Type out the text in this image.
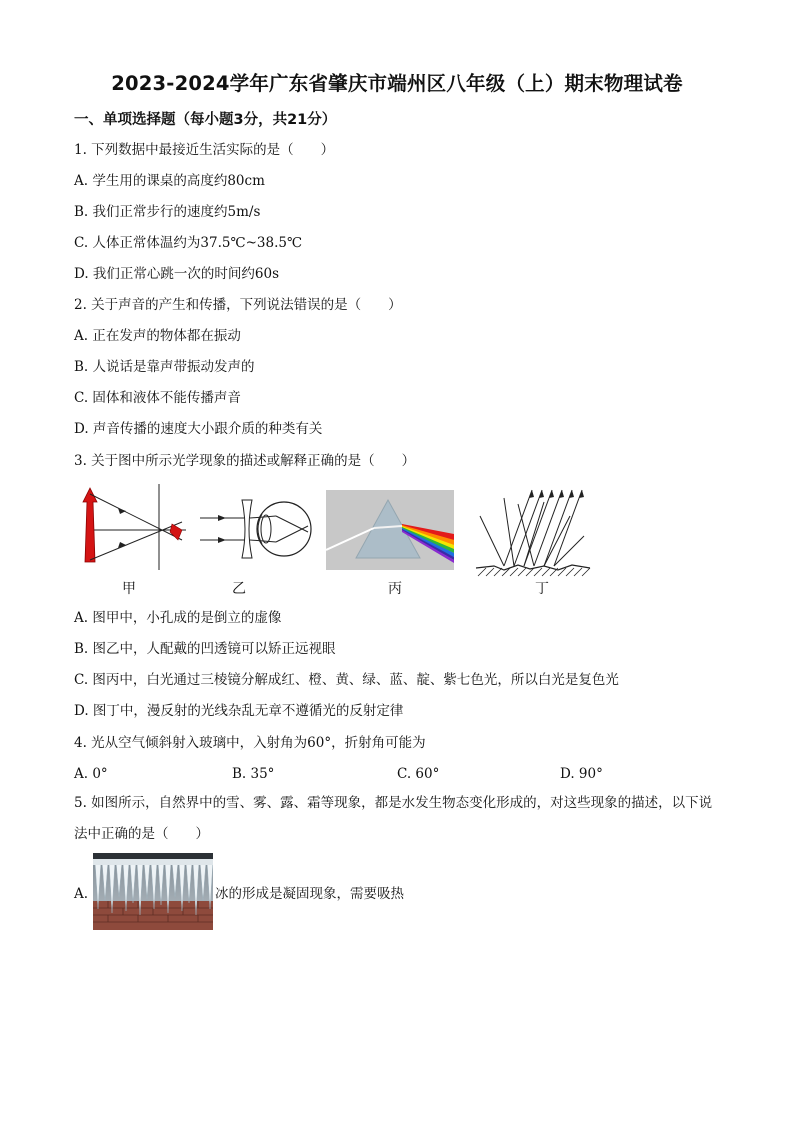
2023-2024学年广东省肇庆市端州区八年级（上）期末物理试卷
一、单项选择题（每小题3分，共21分）
1. 下列数据中最接近生活实际的是（　　）
A. 学生用的课桌的高度约80cm
B. 我们正常步行的速度约5m/s
C. 人体正常体温约为37.5℃~38.5℃
D. 我们正常心跳一次的时间约60s
2. 关于声音的产生和传播，下列说法错误的是（　　）
A. 正在发声的物体都在振动
B. 人说话是靠声带振动发声的
C. 固体和液体不能传播声音
D. 声音传播的速度大小跟介质的种类有关
3. 关于图中所示光学现象的描述或解释正确的是（　　）
甲	乙	丙	丁
A. 图甲中，小孔成的是倒立的虚像
B. 图乙中，人配戴的凹透镜可以矫正远视眼
C. 图丙中，白光通过三棱镜分解成红、橙、黄、绿、蓝、靛、紫七色光，所以白光是复色光
D. 图丁中，漫反射的光线杂乱无章不遵循光的反射定律
4. 光从空气倾斜射入玻璃中，入射角为60°，折射角可能为
A. 0°	B. 35°	C. 60°	D. 90°
5. 如图所示，自然界中的雪、雾、露、霜等现象，都是水发生物态变化形成的，对这些现象的描述，以下说法中正确的是（　　）
A.	冰的形成是凝固现象，需要吸热
